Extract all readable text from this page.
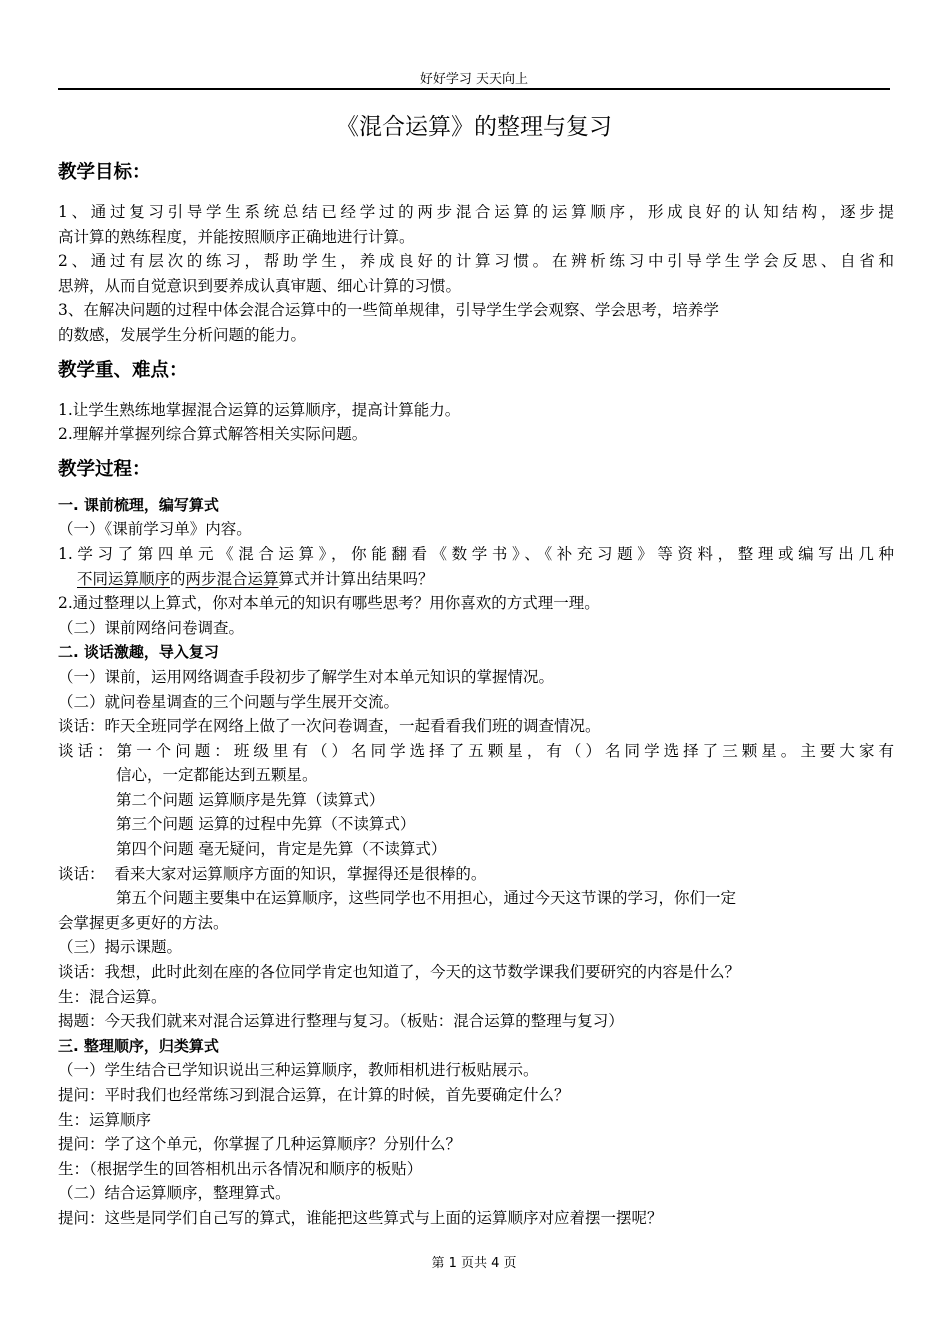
好好学习 天天向上
《混合运算》的整理与复习
教学目标：
1、通过复习引导学生系统总结已经学过的两步混合运算的运算顺序，形成良好的认知结构，逐步提
高计算的熟练程度，并能按照顺序正确地进行计算。
2、通过有层次的练习，帮助学生，养成良好的计算习惯。在辨析练习中引导学生学会反思、自省和
思辨，从而自觉意识到要养成认真审题、细心计算的习惯。
3、在解决问题的过程中体会混合运算中的一些简单规律，引导学生学会观察、学会思考，培养学
的数感，发展学生分析问题的能力。
教学重、难点：
1.让学生熟练地掌握混合运算的运算顺序，提高计算能力。
2.理解并掌握列综合算式解答相关实际问题。
教学过程：
一. 课前梳理，编写算式
（一）《课前学习单》内容。
1.学习了第四单元《混合运算》，你能翻看《数学书》、《补充习题》等资料，整理或编写出几种
不同运算顺序的两步混合运算算式并计算出结果吗？
2.通过整理以上算式，你对本单元的知识有哪些思考？用你喜欢的方式理一理。
（二）课前网络问卷调查。
二. 谈话激趣，导入复习
（一）课前，运用网络调查手段初步了解学生对本单元知识的掌握情况。
（二）就问卷星调查的三个问题与学生展开交流。
谈话：昨天全班同学在网络上做了一次问卷调查，一起看看我们班的调查情况。
谈话：第一个问题：班级里有（）名同学选择了五颗星，有（）名同学选择了三颗星。主要大家有
信心，一定都能达到五颗星。
第二个问题 运算顺序是先算（读算式）
第三个问题 运算的过程中先算（不读算式）
第四个问题 毫无疑问，肯定是先算（不读算式）
谈话：  看来大家对运算顺序方面的知识，掌握得还是很棒的。
第五个问题主要集中在运算顺序，这些同学也不用担心，通过今天这节课的学习，你们一定
会掌握更多更好的方法。
（三）揭示课题。
谈话：我想，此时此刻在座的各位同学肯定也知道了，今天的这节数学课我们要研究的内容是什么？
生：混合运算。
揭题：今天我们就来对混合运算进行整理与复习。（板贴：混合运算的整理与复习）
三. 整理顺序，归类算式
（一）学生结合已学知识说出三种运算顺序，教师相机进行板贴展示。
提问：平时我们也经常练习到混合运算，在计算的时候，首先要确定什么？
生：运算顺序
提问：学了这个单元，你掌握了几种运算顺序？分别什么？
生：（根据学生的回答相机出示各情况和顺序的板贴）
（二）结合运算顺序，整理算式。
提问：这些是同学们自己写的算式，谁能把这些算式与上面的运算顺序对应着摆一摆呢？
第 1 页共 4 页
